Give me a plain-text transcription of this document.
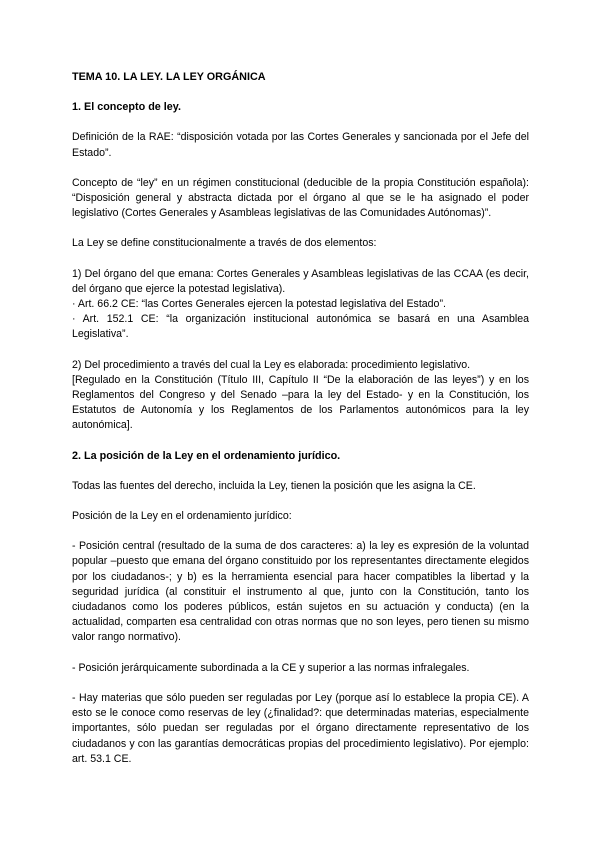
TEMA 10. LA LEY. LA LEY ORGÁNICA
1. El concepto de ley.

Definición de la RAE: “disposición votada por las Cortes Generales y sancionada por el Jefe del Estado”.

Concepto de “ley” en un régimen constitucional (deducible de la propia Constitución española): “Disposición general y abstracta dictada por el órgano al que se le ha asignado el poder legislativo (Cortes Generales y Asambleas legislativas de las Comunidades Autónomas)”.

La Ley se define constitucionalmente a través de dos elementos:

1) Del órgano del que emana: Cortes Generales y Asambleas legislativas de las CCAA (es decir, del órgano que ejerce la potestad legislativa).

· Art. 66.2 CE: “las Cortes Generales ejercen la potestad legislativa del Estado”.

· Art. 152.1 CE: “la organización institucional autonómica se basará en una Asamblea Legislativa”.

2) Del procedimiento a través del cual la Ley es elaborada: procedimiento legislativo.

[Regulado en la Constitución (Título III, Capítulo II “De la elaboración de las leyes”) y en los Reglamentos del Congreso y del Senado –para la ley del Estado- y en la Constitución, los Estatutos de Autonomía y los Reglamentos de los Parlamentos autonómicos para la ley autonómica].

2. La posición de la Ley en el ordenamiento jurídico.

Todas las fuentes del derecho, incluida la Ley, tienen la posición que les asigna la CE.

Posición de la Ley en el ordenamiento jurídico:

- Posición central (resultado de la suma de dos caracteres: a) la ley es expresión de la voluntad popular –puesto que emana del órgano constituido por los representantes directamente elegidos por los ciudadanos-; y b) es la herramienta esencial para hacer compatibles la libertad y la seguridad jurídica (al constituir el instrumento al que, junto con la Constitución, tanto los ciudadanos como los poderes públicos, están sujetos en su actuación y conducta) (en la actualidad, comparten esa centralidad con otras normas que no son leyes, pero tienen su mismo valor rango normativo).

- Posición jerárquicamente subordinada a la CE y superior a las normas infralegales.

- Hay materias que sólo pueden ser reguladas por Ley (porque así lo establece la propia CE). A esto se le conoce como reservas de ley (¿finalidad?: que determinadas materias, especialmente importantes, sólo puedan ser reguladas por el órgano directamente representativo de los ciudadanos y con las garantías democráticas propias del procedimiento legislativo). Por ejemplo: art. 53.1 CE.
